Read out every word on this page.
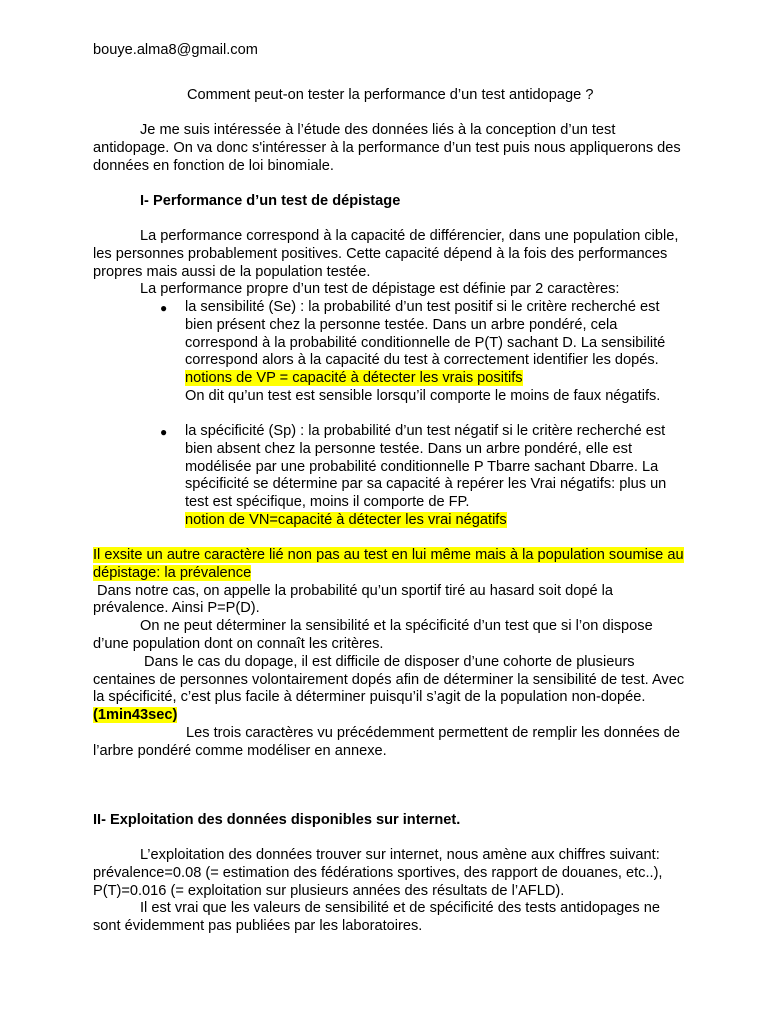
bouye.alma8@gmail.com

Comment peut-on tester la performance d’un test antidopage ?

Je me suis intéressée à l’étude des données liés à la conception d’un test
antidopage. On va donc s'intéresser à la performance d’un test puis nous appliquerons des
données en fonction de loi binomiale.

I- Performance d’un test de dépistage

La performance correspond à la capacité de différencier, dans une population cible,
les personnes probablement positives. Cette capacité dépend à la fois des performances
propres mais aussi de la population testée.
La performance propre d’un test de dépistage est définie par 2 caractères:

● la sensibilité (Se) : la probabilité d’un test positif si le critère recherché est
bien présent chez la personne testée. Dans un arbre pondéré, cela
correspond à la probabilité conditionnelle de P(T) sachant D. La sensibilité
correspond alors à la capacité du test à correctement identifier les dopés.
notions de VP = capacité à détecter les vrais positifs
On dit qu’un test est sensible lorsqu’il comporte le moins de faux négatifs.

● la spécificité (Sp) : la probabilité d’un test négatif si le critère recherché est
bien absent chez la personne testée. Dans un arbre pondéré, elle est
modélisée par une probabilité conditionnelle P Tbarre sachant Dbarre. La
spécificité se détermine par sa capacité à repérer les Vrai négatifs: plus un
test est spécifique, moins il comporte de FP.
notion de VN=capacité à détecter les vrai négatifs

Il exsite un autre caractère lié non pas au test en lui même mais à la population soumise au
dépistage: la prévalence
Dans notre cas, on appelle la probabilité qu’un sportif tiré au hasard soit dopé la
prévalence. Ainsi P=P(D).
On ne peut déterminer la sensibilité et la spécificité d’un test que si l’on dispose
d’une population dont on connaît les critères.
Dans le cas du dopage, il est difficile de disposer d’une cohorte de plusieurs
centaines de personnes volontairement dopés afin de déterminer la sensibilité de test. Avec
la spécificité, c’est plus facile à déterminer puisqu’il s’agit de la population non-dopée.
(1min43sec)
Les trois caractères vu précédemment permettent de remplir les données de
l’arbre pondéré comme modéliser en annexe.

II- Exploitation des données disponibles sur internet.

L’exploitation des données trouver sur internet, nous amène aux chiffres suivant:
prévalence=0.08 (= estimation des fédérations sportives, des rapport de douanes, etc..),
P(T)=0.016 (= exploitation sur plusieurs années des résultats de l’AFLD).
Il est vrai que les valeurs de sensibilité et de spécificité des tests antidopages ne
sont évidemment pas publiées par les laboratoires.
